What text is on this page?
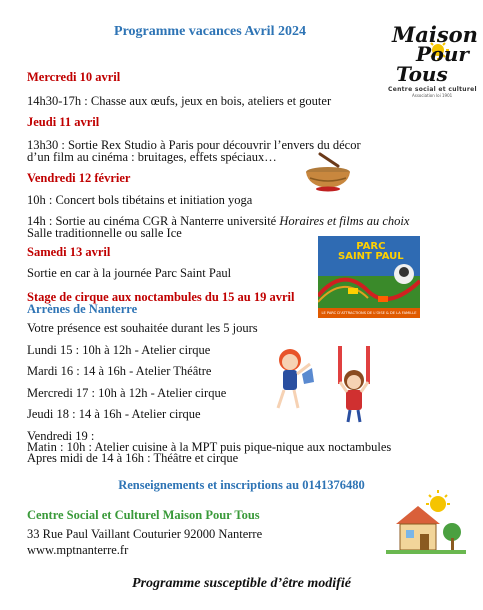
Programme vacances Avril 2024	Maison
Pour
Tous
Centre social et culturel
Association loi 1901
Mercredi 10 avril
14h30-17h : Chasse aux œufs, jeux en bois, ateliers et gouter
Jeudi 11 avril
13h30 : Sortie Rex Studio à Paris pour découvrir l’envers du décor
d’un film au cinéma : bruitages, effets spéciaux…
Vendredi 12 février
10h : Concert bols tibétains et initiation yoga
14h : Sortie au cinéma CGR à Nanterre université Horaires et films au choix
Salle traditionnelle ou salle Ice
Samedi 13 avril
Sortie en car à la journée Parc Saint Paul
PARC
SAINT PAUL
LE PARC D’ATTRACTIONS DE L’OISE & DE LA FAMILLE
Stage de cirque aux noctambules du 15 au 19 avril
Arrènes de Nanterre
Votre présence est souhaitée durant les 5 jours
Lundi 15 : 10h à 12h - Atelier cirque
Mardi 16 : 14 à 16h - Atelier Théâtre
Mercredi 17 : 10h à 12h - Atelier cirque
Jeudi 18 : 14 à 16h - Atelier cirque
Vendredi 19 :
Matin : 10h : Atelier cuisine à la MPT puis pique-nique aux noctambules
Apres midi de 14 à 16h : Théâtre et cirque
Renseignements et inscriptions au 0141376480
Centre Social et Culturel Maison Pour Tous
33 Rue Paul Vaillant Couturier 92000 Nanterre
www.mptnanterre.fr
Programme susceptible d’être modifié
